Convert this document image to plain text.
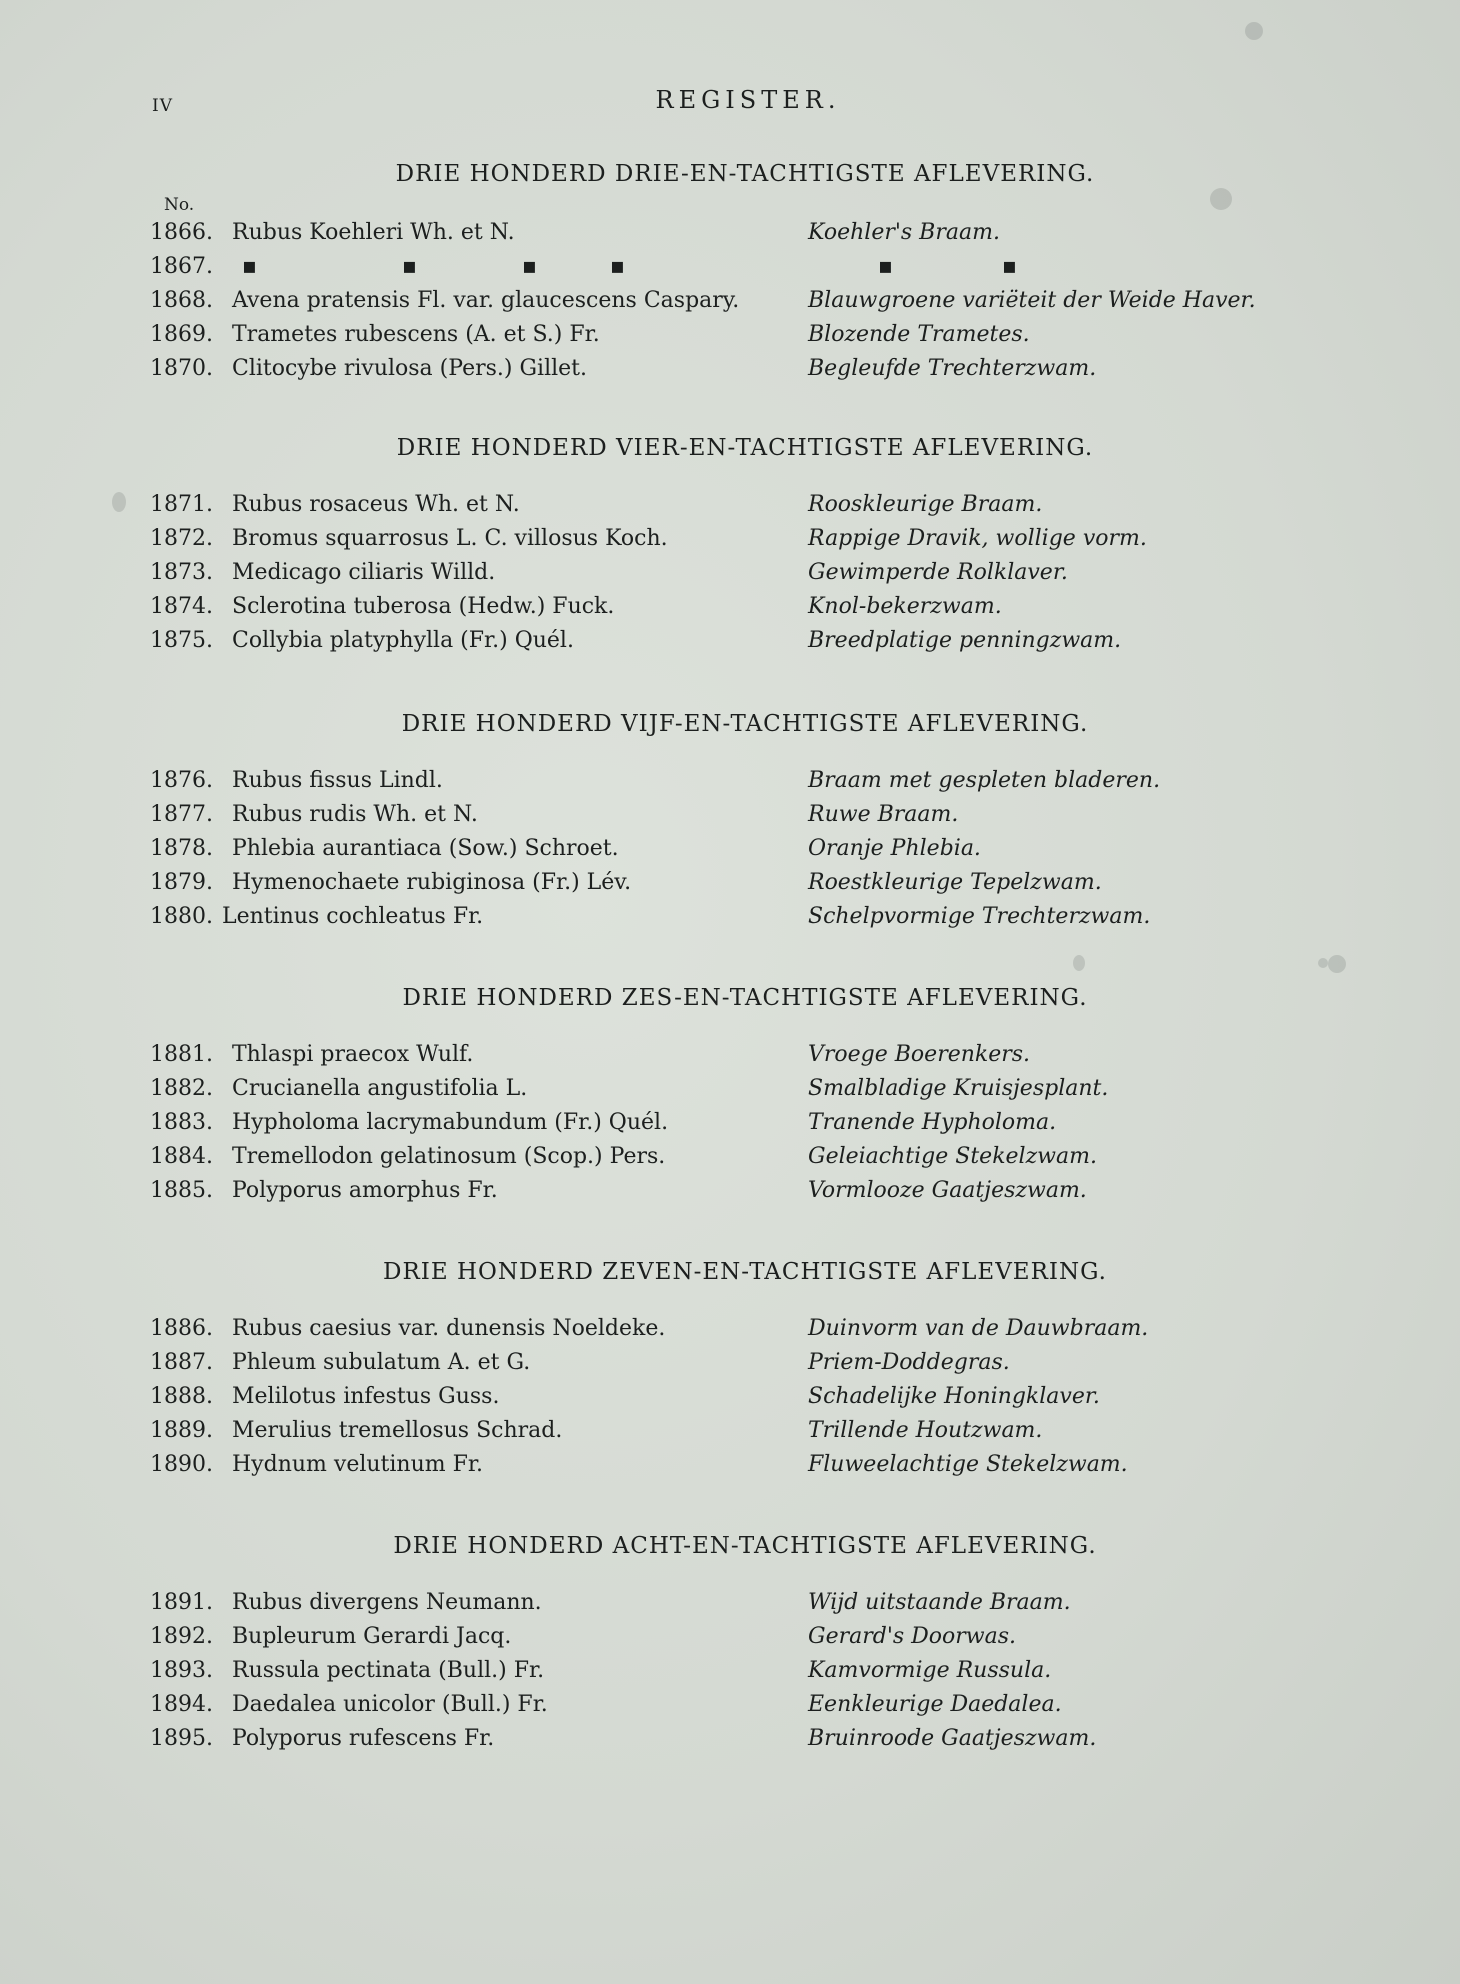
IV	REGISTER.
DRIE HONDERD DRIE-EN-TACHTIGSTE AFLEVERING.
No.
1866. Rubus Koehleri Wh. et N.	Koehler's Braam.
1867.	▪	▪	▪	▪	▪	▪
1868. Avena pratensis Fl. var. glaucescens Caspary.	Blauwgroene variëteit der Weide Haver.
1869. Trametes rubescens (A. et S.) Fr.	Blozende Trametes.
1870. Clitocybe rivulosa (Pers.) Gillet.	Begleufde Trechterzwam.
DRIE HONDERD VIER-EN-TACHTIGSTE AFLEVERING.
1871. Rubus rosaceus Wh. et N.	Rooskleurige Braam.
1872. Bromus squarrosus L. C. villosus Koch.	Rappige Dravik, wollige vorm.
1873. Medicago ciliaris Willd.	Gewimperde Rolklaver.
1874. Sclerotina tuberosa (Hedw.) Fuck.	Knol-bekerzwam.
1875. Collybia platyphylla (Fr.) Quél.	Breedplatige penningzwam.
DRIE HONDERD VIJF-EN-TACHTIGSTE AFLEVERING.
1876. Rubus fissus Lindl.	Braam met gespleten bladeren.
1877. Rubus rudis Wh. et N.	Ruwe Braam.
1878. Phlebia aurantiaca (Sow.) Schroet.	Oranje Phlebia.
1879. Hymenochaete rubiginosa (Fr.) Lév.	Roestkleurige Tepelzwam.
1880. Lentinus cochleatus Fr.	Schelpvormige Trechterzwam.
DRIE HONDERD ZES-EN-TACHTIGSTE AFLEVERING.
1881. Thlaspi praecox Wulf.	Vroege Boerenkers.
1882. Crucianella angustifolia L.	Smalbladige Kruisjesplant.
1883. Hypholoma lacrymabundum (Fr.) Quél.	Tranende Hypholoma.
1884. Tremellodon gelatinosum (Scop.) Pers.	Geleiachtige Stekelzwam.
1885. Polyporus amorphus Fr.	Vormlooze Gaatjeszwam.
DRIE HONDERD ZEVEN-EN-TACHTIGSTE AFLEVERING.
1886. Rubus caesius var. dunensis Noeldeke.	Duinvorm van de Dauwbraam.
1887. Phleum subulatum A. et G.	Priem-Doddegras.
1888. Melilotus infestus Guss.	Schadelijke Honingklaver.
1889. Merulius tremellosus Schrad.	Trillende Houtzwam.
1890. Hydnum velutinum Fr.	Fluweelachtige Stekelzwam.
DRIE HONDERD ACHT-EN-TACHTIGSTE AFLEVERING.
1891. Rubus divergens Neumann.	Wijd uitstaande Braam.
1892. Bupleurum Gerardi Jacq.	Gerard's Doorwas.
1893. Russula pectinata (Bull.) Fr.	Kamvormige Russula.
1894. Daedalea unicolor (Bull.) Fr.	Eenkleurige Daedalea.
1895. Polyporus rufescens Fr.	Bruinroode Gaatjeszwam.
